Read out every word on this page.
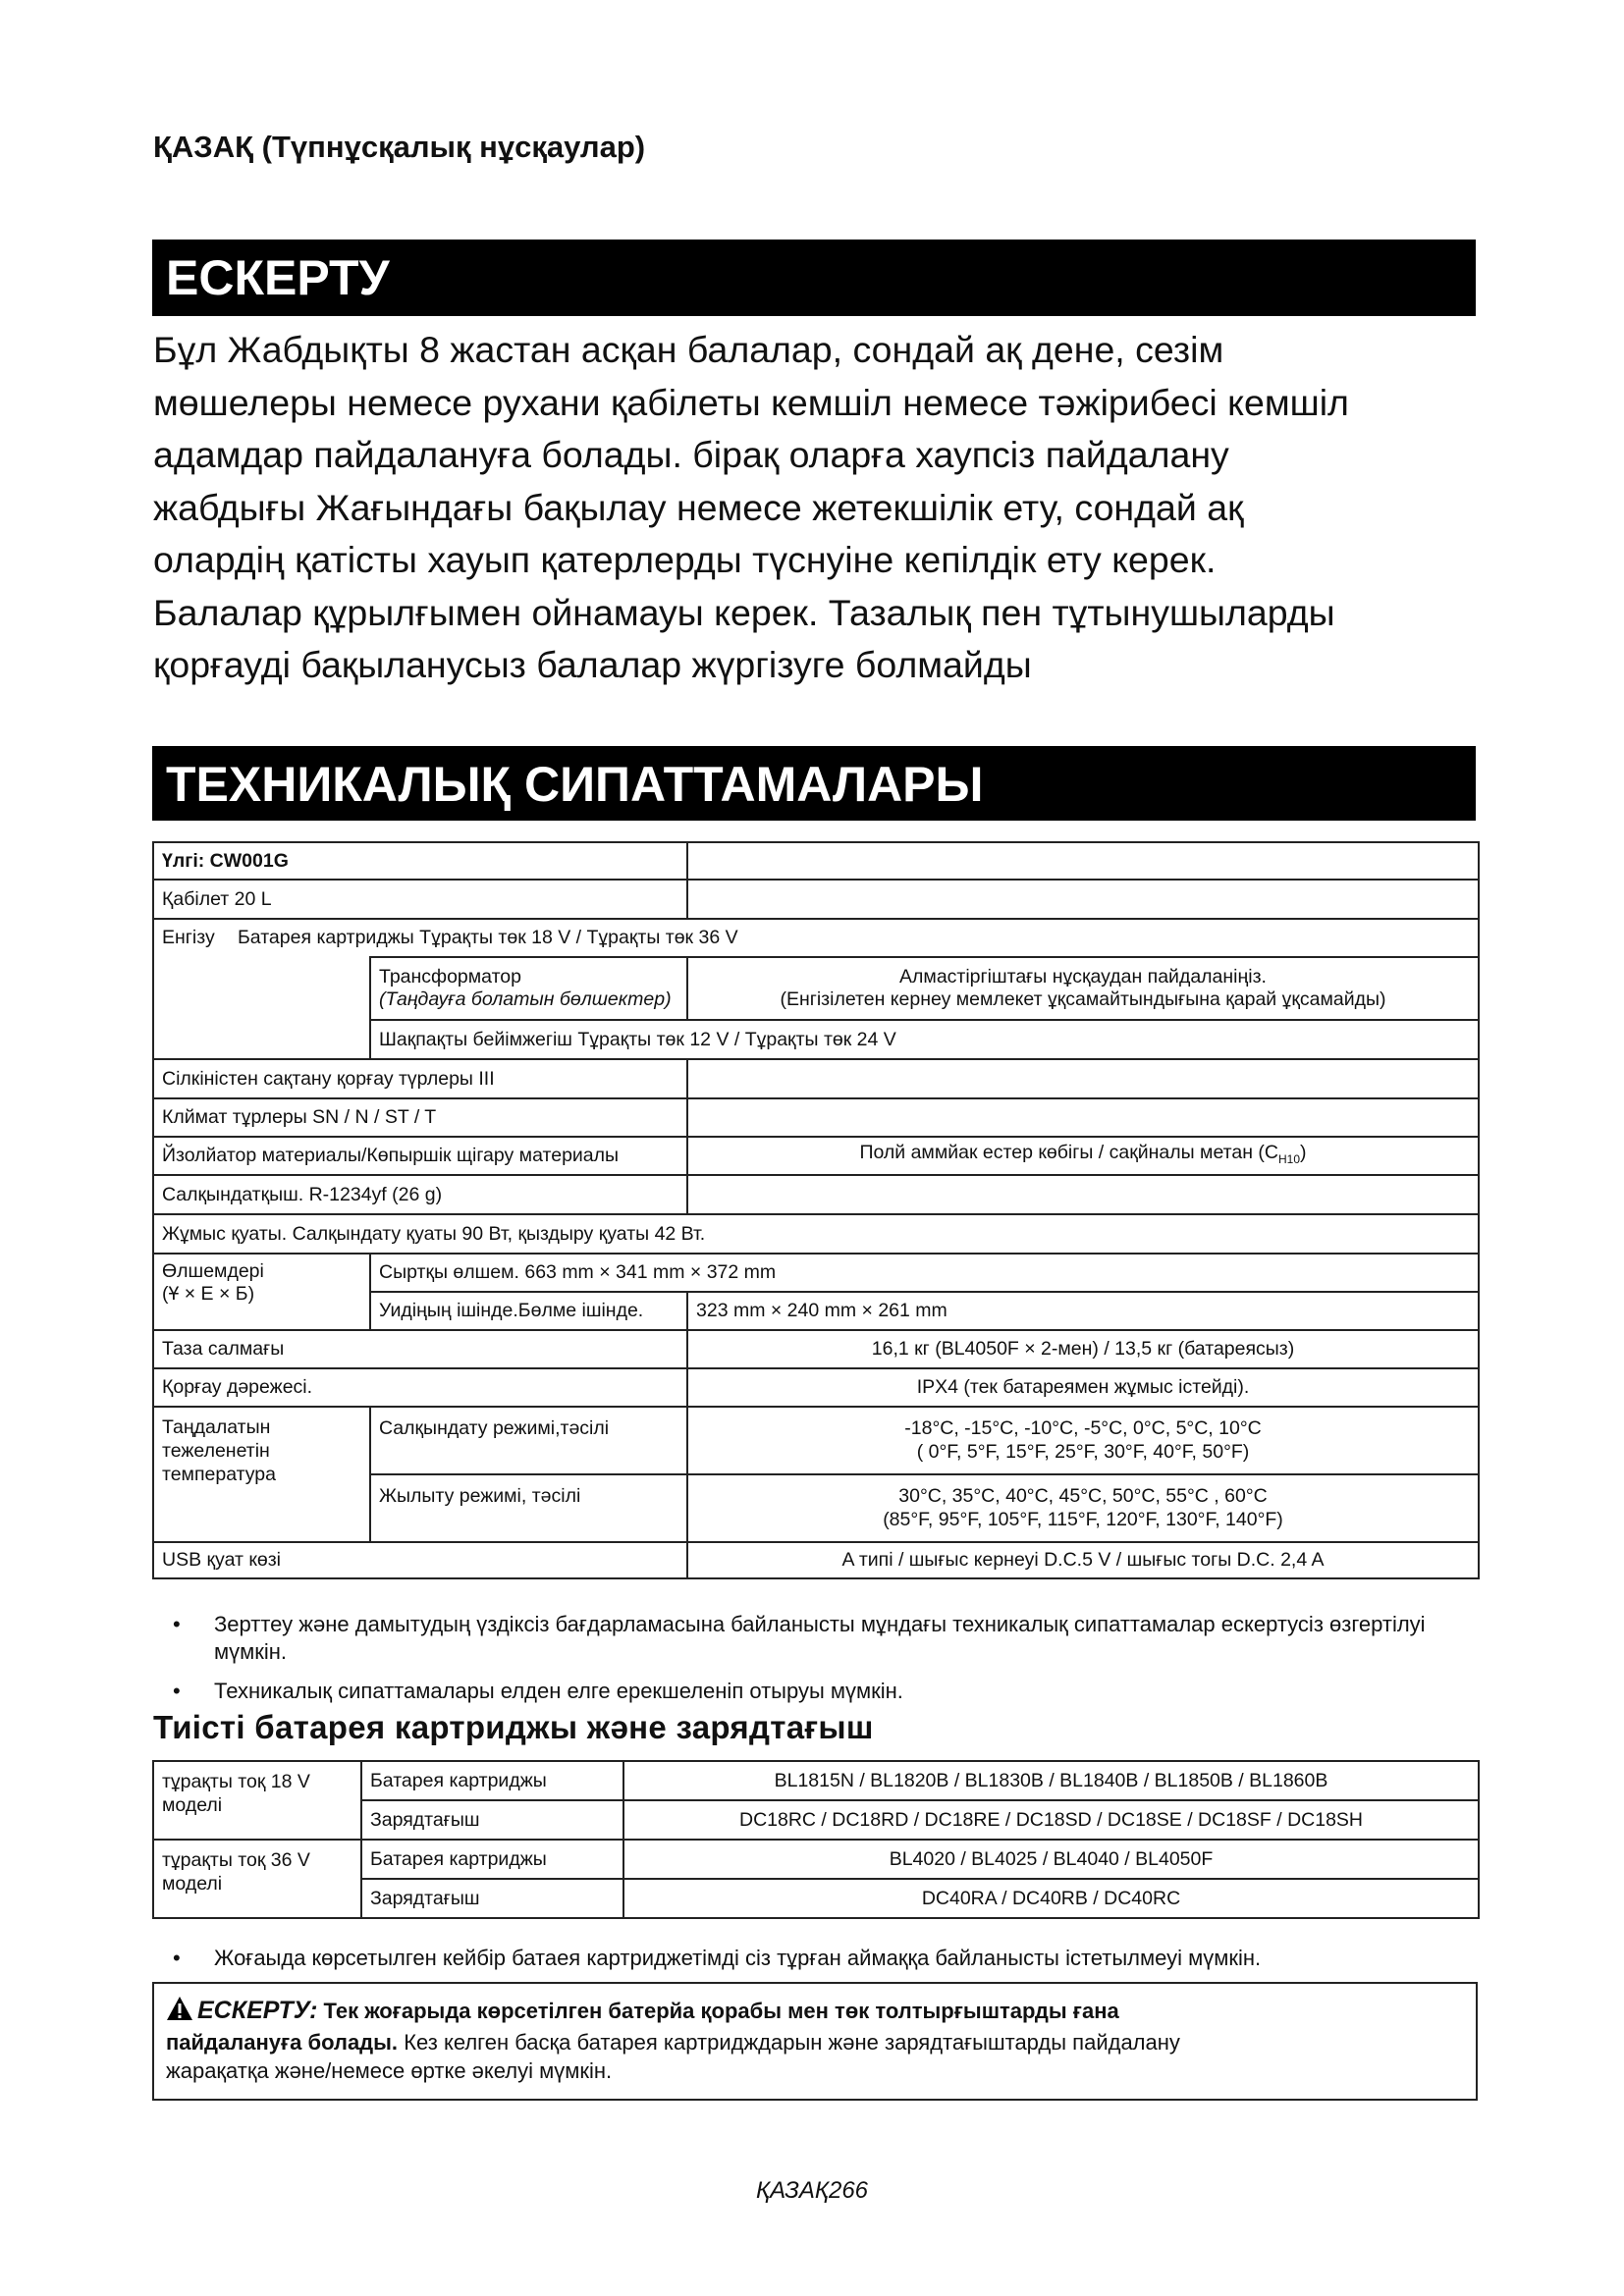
ҚАЗАҚ (Түпнұсқалық нұсқаулар)
ЕСКЕРТУ

Бұл Жабдықты 8 жастан асқан балалар, сондай ақ дене, сезім
мөшелеры немесе рухани қабілеты кемшіл немесе тәжірибесі кемшіл
адамдар пайдалануға болады. бірақ оларға хаупсіз пайдалану
жабдығы Жағындағы бақылау немесе жетекшілік ету, сондай ақ
олардің қатісты хауып қатерлерды түснуіне кепілдік ету керек.
Балалар құрылғымен ойнамауы керек. Тазалық пен тұтынушыларды
қорғауді бақыланусыз балалар жүргізуге болмайды

ТЕХНИКАЛЫҚ СИПАТТАМАЛАРЫ
Үлгі: CW001G		
Қабілет 20 L		
Енгізу	Батарея картриджы Тұрақты төк 18 V / Тұрақты төк 36 V	
	Трансформатор
(Таңдауға болатын бөлшектер)	Алмастіргіштағы нұсқаудан пайдаланіңіз.
(Енгізілетен кернеу мемлекет ұқсамайтындығына қарай ұқсамайды)
	Шақпақты бейімжегіш Тұрақты төк 12 V / Тұрақты төк 24 V	
Сілкіністен сақтану қорғау түрлеры III		
Клймат тұрлеры SN / N / ST / T		
Йзолйатор материалы/Көпыршік щігару материалы		Полй аммйак естер көбігы / сақйналы метан $(C_{H10})$
Салқындатқыш. R-1234yf (26 g)		
Жұмыс қуаты. Салқындату қуаты 90 Вт, қыздыру қуаты 42 Вт.		
Өлшемдері
(Ұ × Е × Б)	Сыртқы өлшем. 663 mm × 341 mm × 372 mm	
	Уидіңың ішінде.Бөлме ішінде.	323 mm × 240 mm × 261 mm
Таза салмағы		16,1 кг (BL4050F × 2-мен) / 13,5 кг (батареясыз)
Қорғау дәрежесі.		IPX4 (тек батареямен жұмыс істейді).
Таңдалатын
тежеленетін
температура	Салқындату режимі,тәсілі	-18°C, -15°C, -10°C, -5°C, 0°C, 5°C, 10°C
( 0°F, 5°F, 15°F, 25°F, 30°F, 40°F, 50°F)
	Жылыту режимі, тәсілі	30°C, 35°C, 40°C, 45°C, 50°C, 55°C , 60°C
(85°F, 95°F, 105°F, 115°F, 120°F, 130°F, 140°F)
USB қуат көзі		A типі / шығыс кернеуі D.C.5 V / шығыс тогы D.C. 2,4 A
• Зерттеу және дамытудың үздіксіз бағдарламасына байланысты мұндағы техникалық сипаттамалар ескертусіз өзгертілуі мүмкін.
• Техникалық сипаттамалары елден елге ерекшеленіп отыруы мүмкін.
Тиісті батарея картриджы және зарядтағыш
тұрақты тоқ 18 V
моделі	Батарея картриджы	BL1815N / BL1820B / BL1830B / BL1840B / BL1850B / BL1860B
	Зарядтағыш	DC18RC / DC18RD / DC18RE / DC18SD / DC18SE / DC18SF / DC18SH
тұрақты тоқ 36 V
моделі	Батарея картриджы	BL4020 / BL4025 / BL4040 / BL4050F
	Зарядтағыш	DC40RA / DC40RB / DC40RC
• Жоғаыда көрсетылген кейбір батаея картриджетімді сіз тұрған аймаққа байланысты істетылмеуі мүмкін.
ЕСКЕРТУ: Тек жоғарыда көрсетілген батерйа қорабы мен төк толтырғыштарды ғана
пайдалануға болады. Кез келген басқа батарея картридждарын және зарядтағыштарды пайдалану
жарақатқа және/немесе өртке әкелуі мүмкін.

ҚАЗАҚ266
